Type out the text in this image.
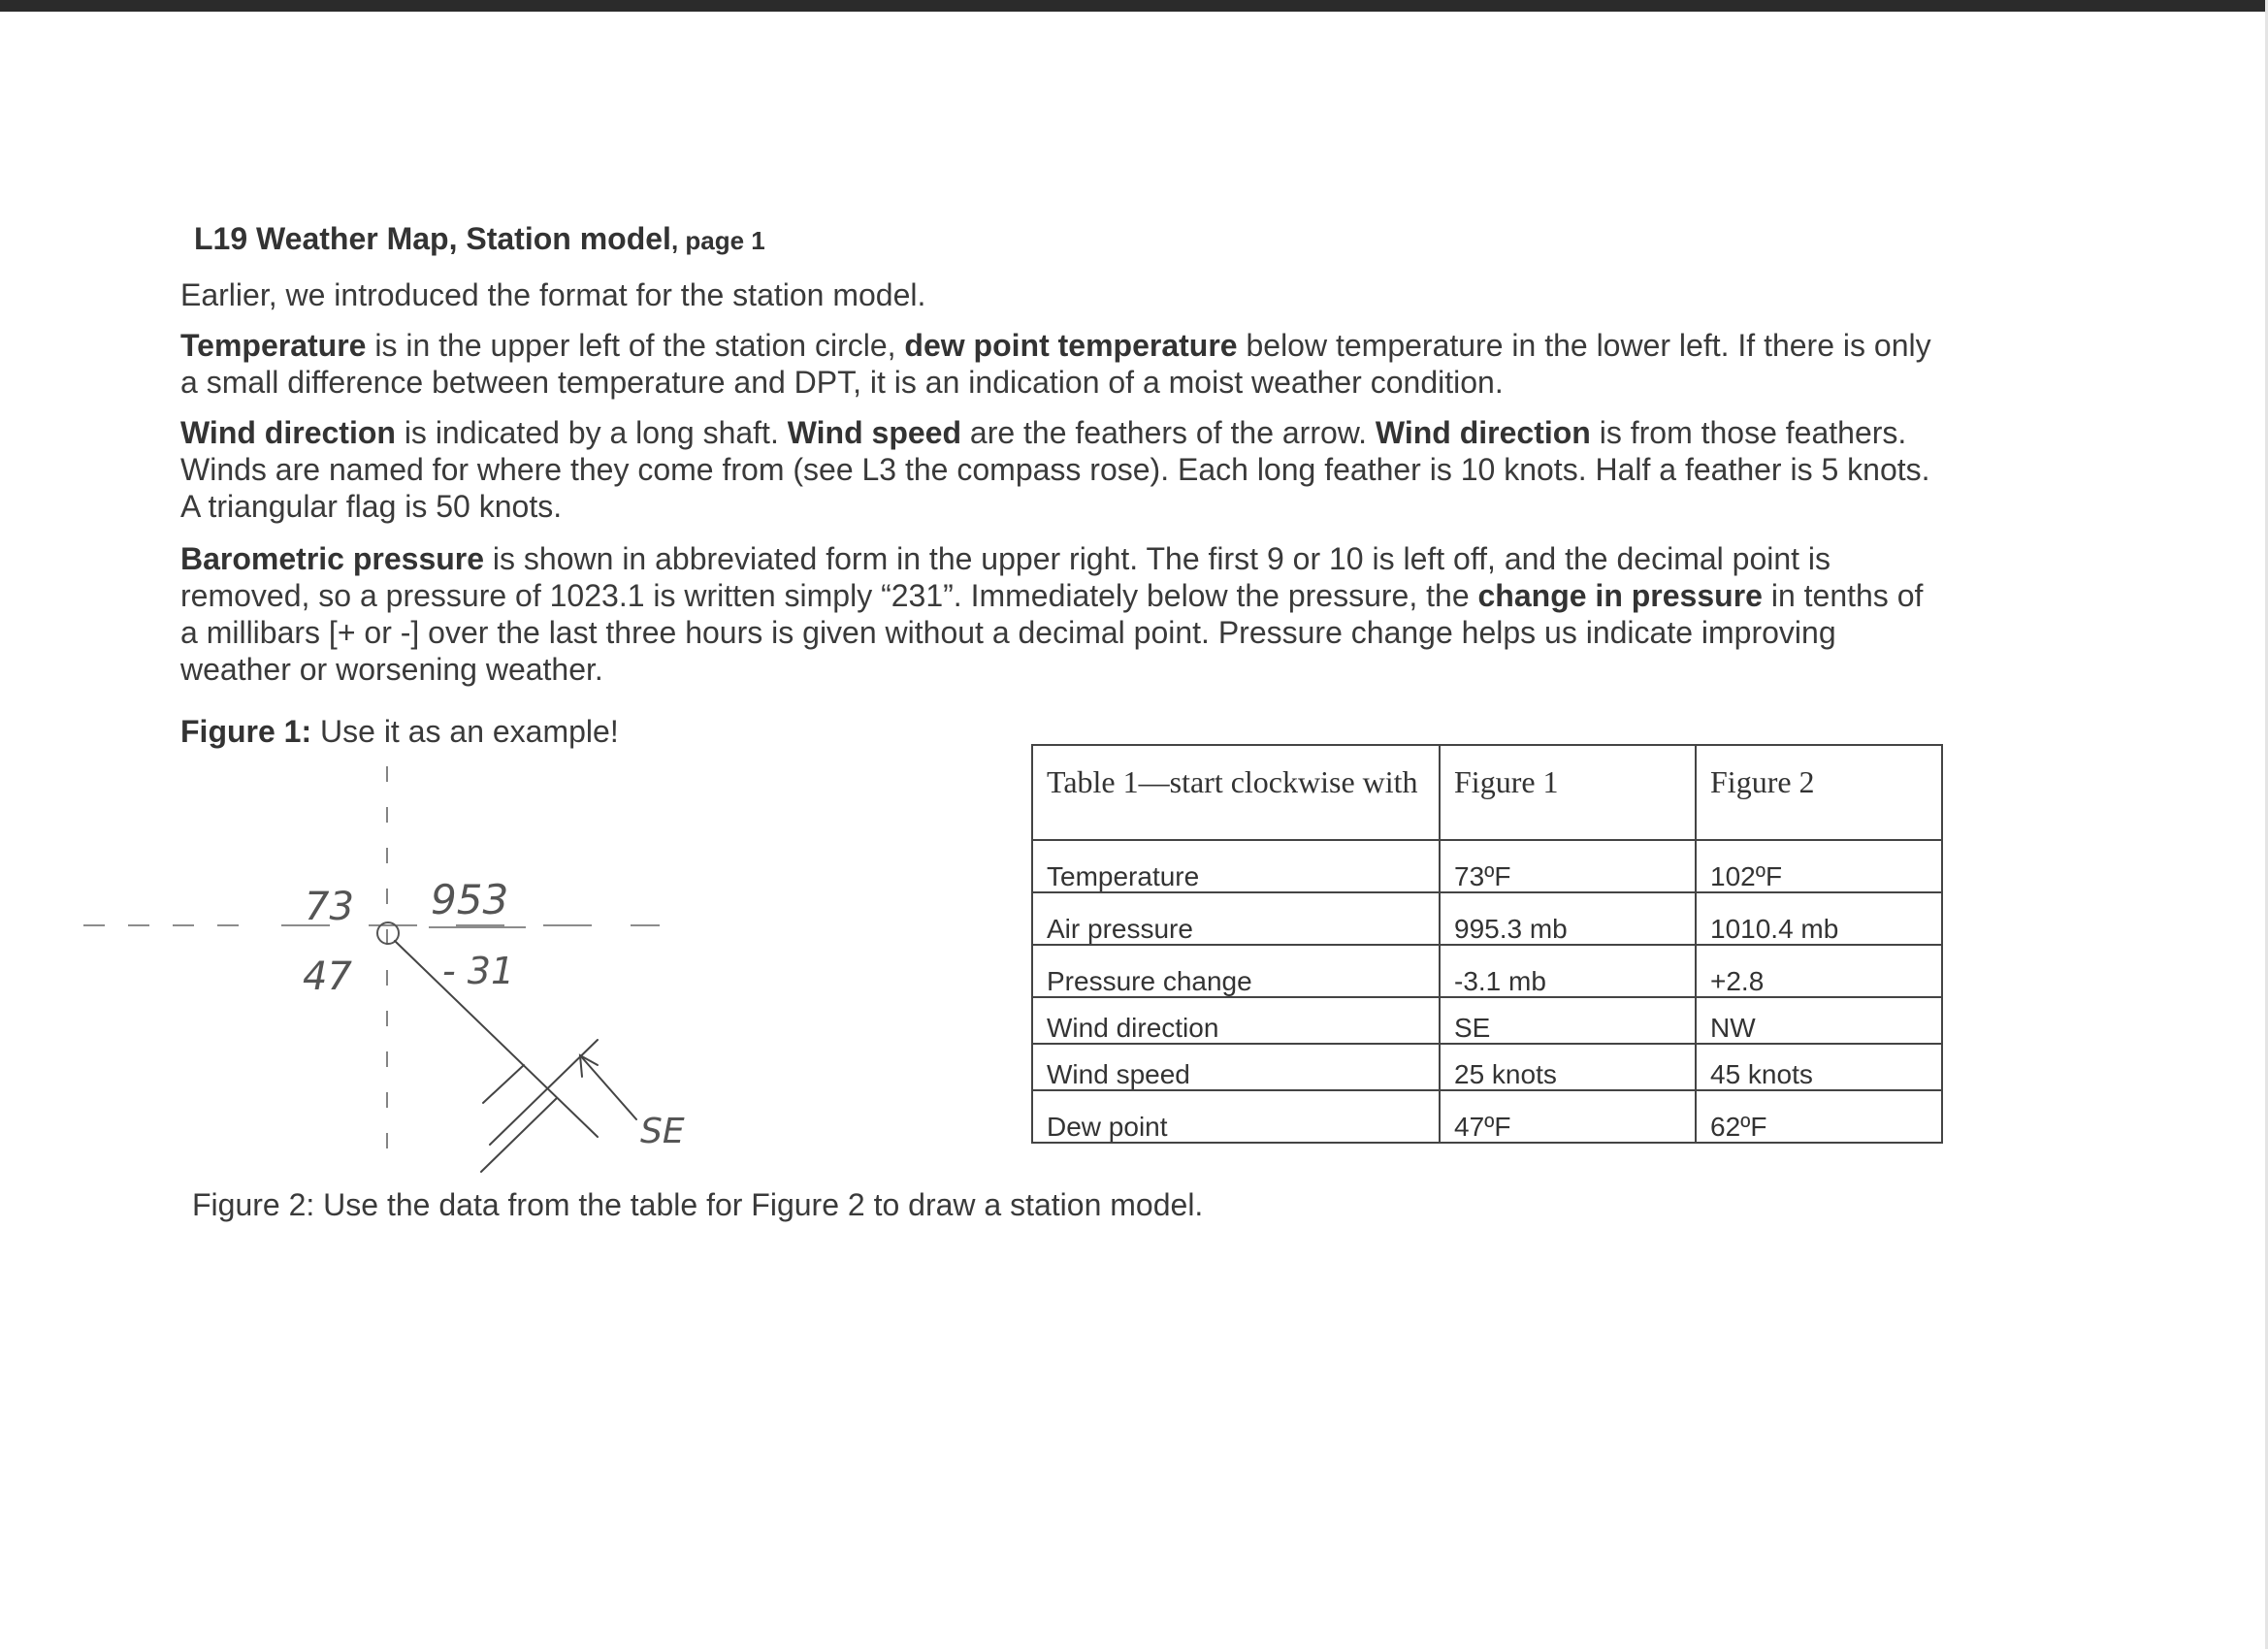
L19 Weather Map, Station model, page 1

Earlier, we introduced the format for the station model.

Temperature is in the upper left of the station circle, dew point temperature below temperature in the lower left. If there is only a small difference between temperature and DPT, it is an indication of a moist weather condition.

Wind direction is indicated by a long shaft. Wind speed are the feathers of the arrow. Wind direction is from those feathers. Winds are named for where they come from (see L3 the compass rose). Each long feather is 10 knots. Half a feather is 5 knots. A triangular flag is 50 knots.

Barometric pressure is shown in abbreviated form in the upper right. The first 9 or 10 is left off, and the decimal point is removed, so a pressure of 1023.1 is written simply “231”. Immediately below the pressure, the change in pressure in tenths of a millibars [+ or -] over the last three hours is given without a decimal point. Pressure change helps us indicate improving weather or worsening weather.

Figure 1: Use it as an example!

73 953
47 - 31
SE
Table 1—start clockwise with	Figure 1	Figure 2
Temperature	73ºF	102ºF
Air pressure	995.3 mb	1010.4 mb
Pressure change	-3.1 mb	+2.8
Wind direction	SE	NW
Wind speed	25 knots	45 knots
Dew point	47ºF	62ºF

Figure 2: Use the data from the table for Figure 2 to draw a station model.
